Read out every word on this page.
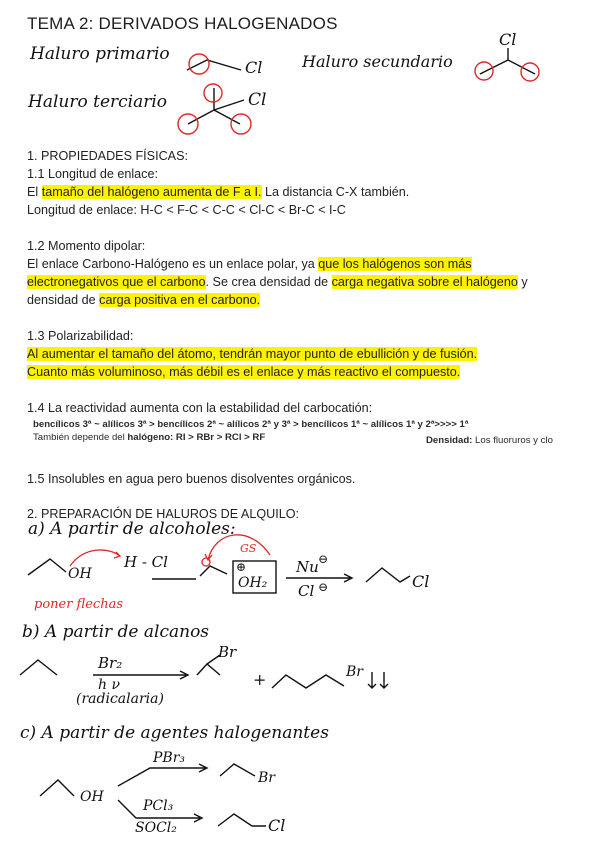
TEMA 2: DERIVADOS HALOGENADOS
Haluro primario	Haluro secundario
Haluro terciario
Cl
Cl
Cl
1. PROPIEDADES FÍSICAS:
1.1 Longitud de enlace:
El tamaño del halógeno aumenta de F a I. La distancia C-X también.
Longitud de enlace: H-C < F-C < C-C < Cl-C < Br-C < I-C
1.2 Momento dipolar:
El enlace Carbono-Halógeno es un enlace polar, ya que los halógenos son más
electronegativos que el carbono. Se crea densidad de carga negativa sobre el halógeno y
densidad de carga positiva en el carbono.
1.3 Polarizabilidad:
Al aumentar el tamaño del átomo, tendrán mayor punto de ebullición y de fusión.
Cuanto más voluminoso, más débil es el enlace y más reactivo el compuesto.
1.4 La reactividad aumenta con la estabilidad del carbocatión:
bencílicos 3ª ~ alílicos 3ª > bencílicos 2ª ~ alílicos 2ª y 3ª > bencílicos 1ª ~ alílicos 1ª y 2ª>>>> 1ª
También depende del halógeno: RI > RBr > RCl > RF	Densidad: Los fluoruros y clo
1.5 Insolubles en agua pero buenos disolventes orgánicos.
2. PREPARACIÓN DE HALUROS DE ALQUILO:
a) A partir de alcoholes:
OH
H - Cl
GS
OH₂
⊕	Nu ⊖
Cl ⊖	Cl
poner flechas
b) A partir de alcanos
Br₂
h ν
(radicalaria)
Br
+	Br
c) A partir de agentes halogenantes
OH
PBr₃
Br
PCl₃
SOCl₂	Cl
